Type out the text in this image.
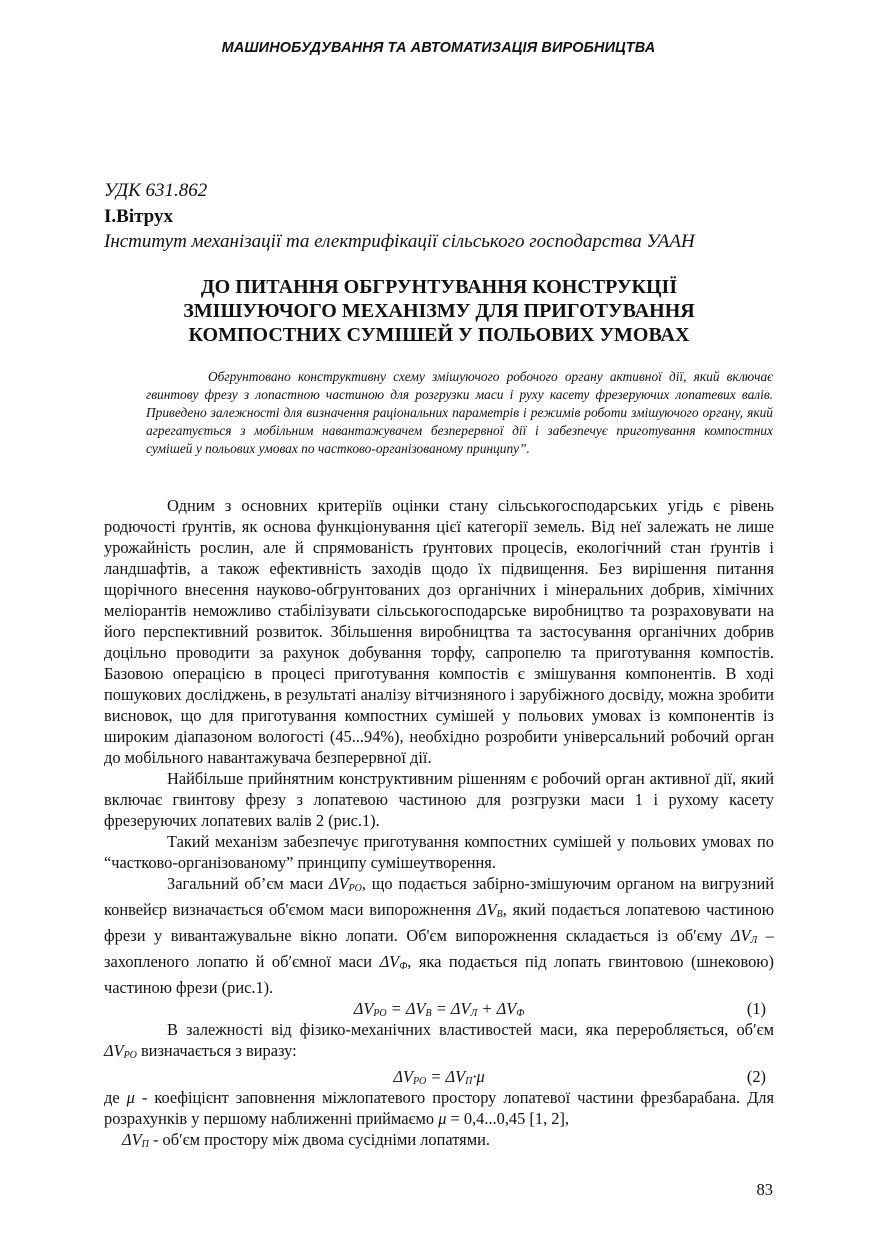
МАШИНОБУДУВАННЯ ТА АВТОМАТИЗАЦІЯ ВИРОБНИЦТВА
УДК 631.862
І.Вітрух
Інститут механізації та електрифікації сільського господарства УААН
ДО ПИТАННЯ ОБГРУНТУВАННЯ КОНСТРУКЦІЇ
ЗМІШУЮЧОГО МЕХАНІЗМУ ДЛЯ ПРИГОТУВАННЯ
КОМПОСТНИХ СУМІШЕЙ У ПОЛЬОВИХ УМОВАХ
Обгрунтовано конструктивну схему змішуючого робочого органу активної дії, який включає гвинтову фрезу з лопастною частиною для розгрузки маси і руху касету фрезеруючих лопатевих валів. Приведено залежності для визначення раціональних параметрів і режимів роботи змішуючого органу, який агрегатується з мобільним навантажувачем безперервної дії і забезпечує приготування компостних сумішей у польових умовах по частково-організованому принципу”.

Одним з основних критеріїв оцінки стану сільськогосподарських угідь є рівень родючості ґрунтів, як основа функціонування цієї категорії земель. Від неї залежать не лише урожайність рослин, але й спрямованість ґрунтових процесів, екологічний стан ґрунтів і ландшафтів, а також ефективність заходів щодо їх підвищення. Без вирішення питання щорічного внесення науково-обгрунтованих доз органічних і мінеральних добрив, хімічних меліорантів неможливо стабілізувати сільськогосподарське виробництво та розраховувати на його перспективний розвиток. Збільшення виробництва та застосування органічних добрив доцільно проводити за рахунок добування торфу, сапропелю та приготування компостів. Базовою операцією в процесі приготування компостів є змішування компонентів. В ході пошукових досліджень, в результаті аналізу вітчизняного і зарубіжного досвіду, можна зробити висновок, що для приготування компостних сумішей у польових умовах із компонентів із широким діапазоном вологості (45...94%), необхідно розробити універсальний робочий орган до мобільного навантажувача безперервної дії.

Найбільше прийнятним конструктивним рішенням є робочий орган активної дії, який включає гвинтову фрезу з лопатевою частиною для розгрузки маси 1 і рухому касету фрезеруючих лопатевих валів 2 (рис.1).

Такий механізм забезпечує приготування компостних сумішей у польових умовах по “частково-організованому” принципу сумішеутворення.

Загальний об’єм маси $\Delta V_{РО}$, що подається забірно-змішуючим органом на вигрузний конвейєр визначається об'ємом маси випорожнення $\Delta V_В$, який подається лопатевою частиною фрези у вивантажувальне вікно лопати. Об'єм випорожнення складається із об′єму $\Delta V_Л$ – захопленого лопатю й об′ємної маси $\Delta V_Ф$, яка подається під лопать гвинтовою (шнековою) частиною фрези (рис.1).

$\Delta V_{РО} = \Delta V_В = \Delta V_Л + \Delta V_Ф$	(1)

В залежності від фізико-механічних властивостей маси, яка переробляється, об′єм $\Delta V_{РО}$ визначається з виразу:

$\Delta V_{РО} = \Delta V_П\cdot\mu$	(2)

де μ - коефіцієнт заповнення міжлопатевого простору лопатевої частини фрезбарабана. Для розрахунків у першому наближенні приймаємо μ = 0,4...0,45 [1, 2],

$\Delta V_П - об'єм$ простору між двома сусідніми лопатями.

83
